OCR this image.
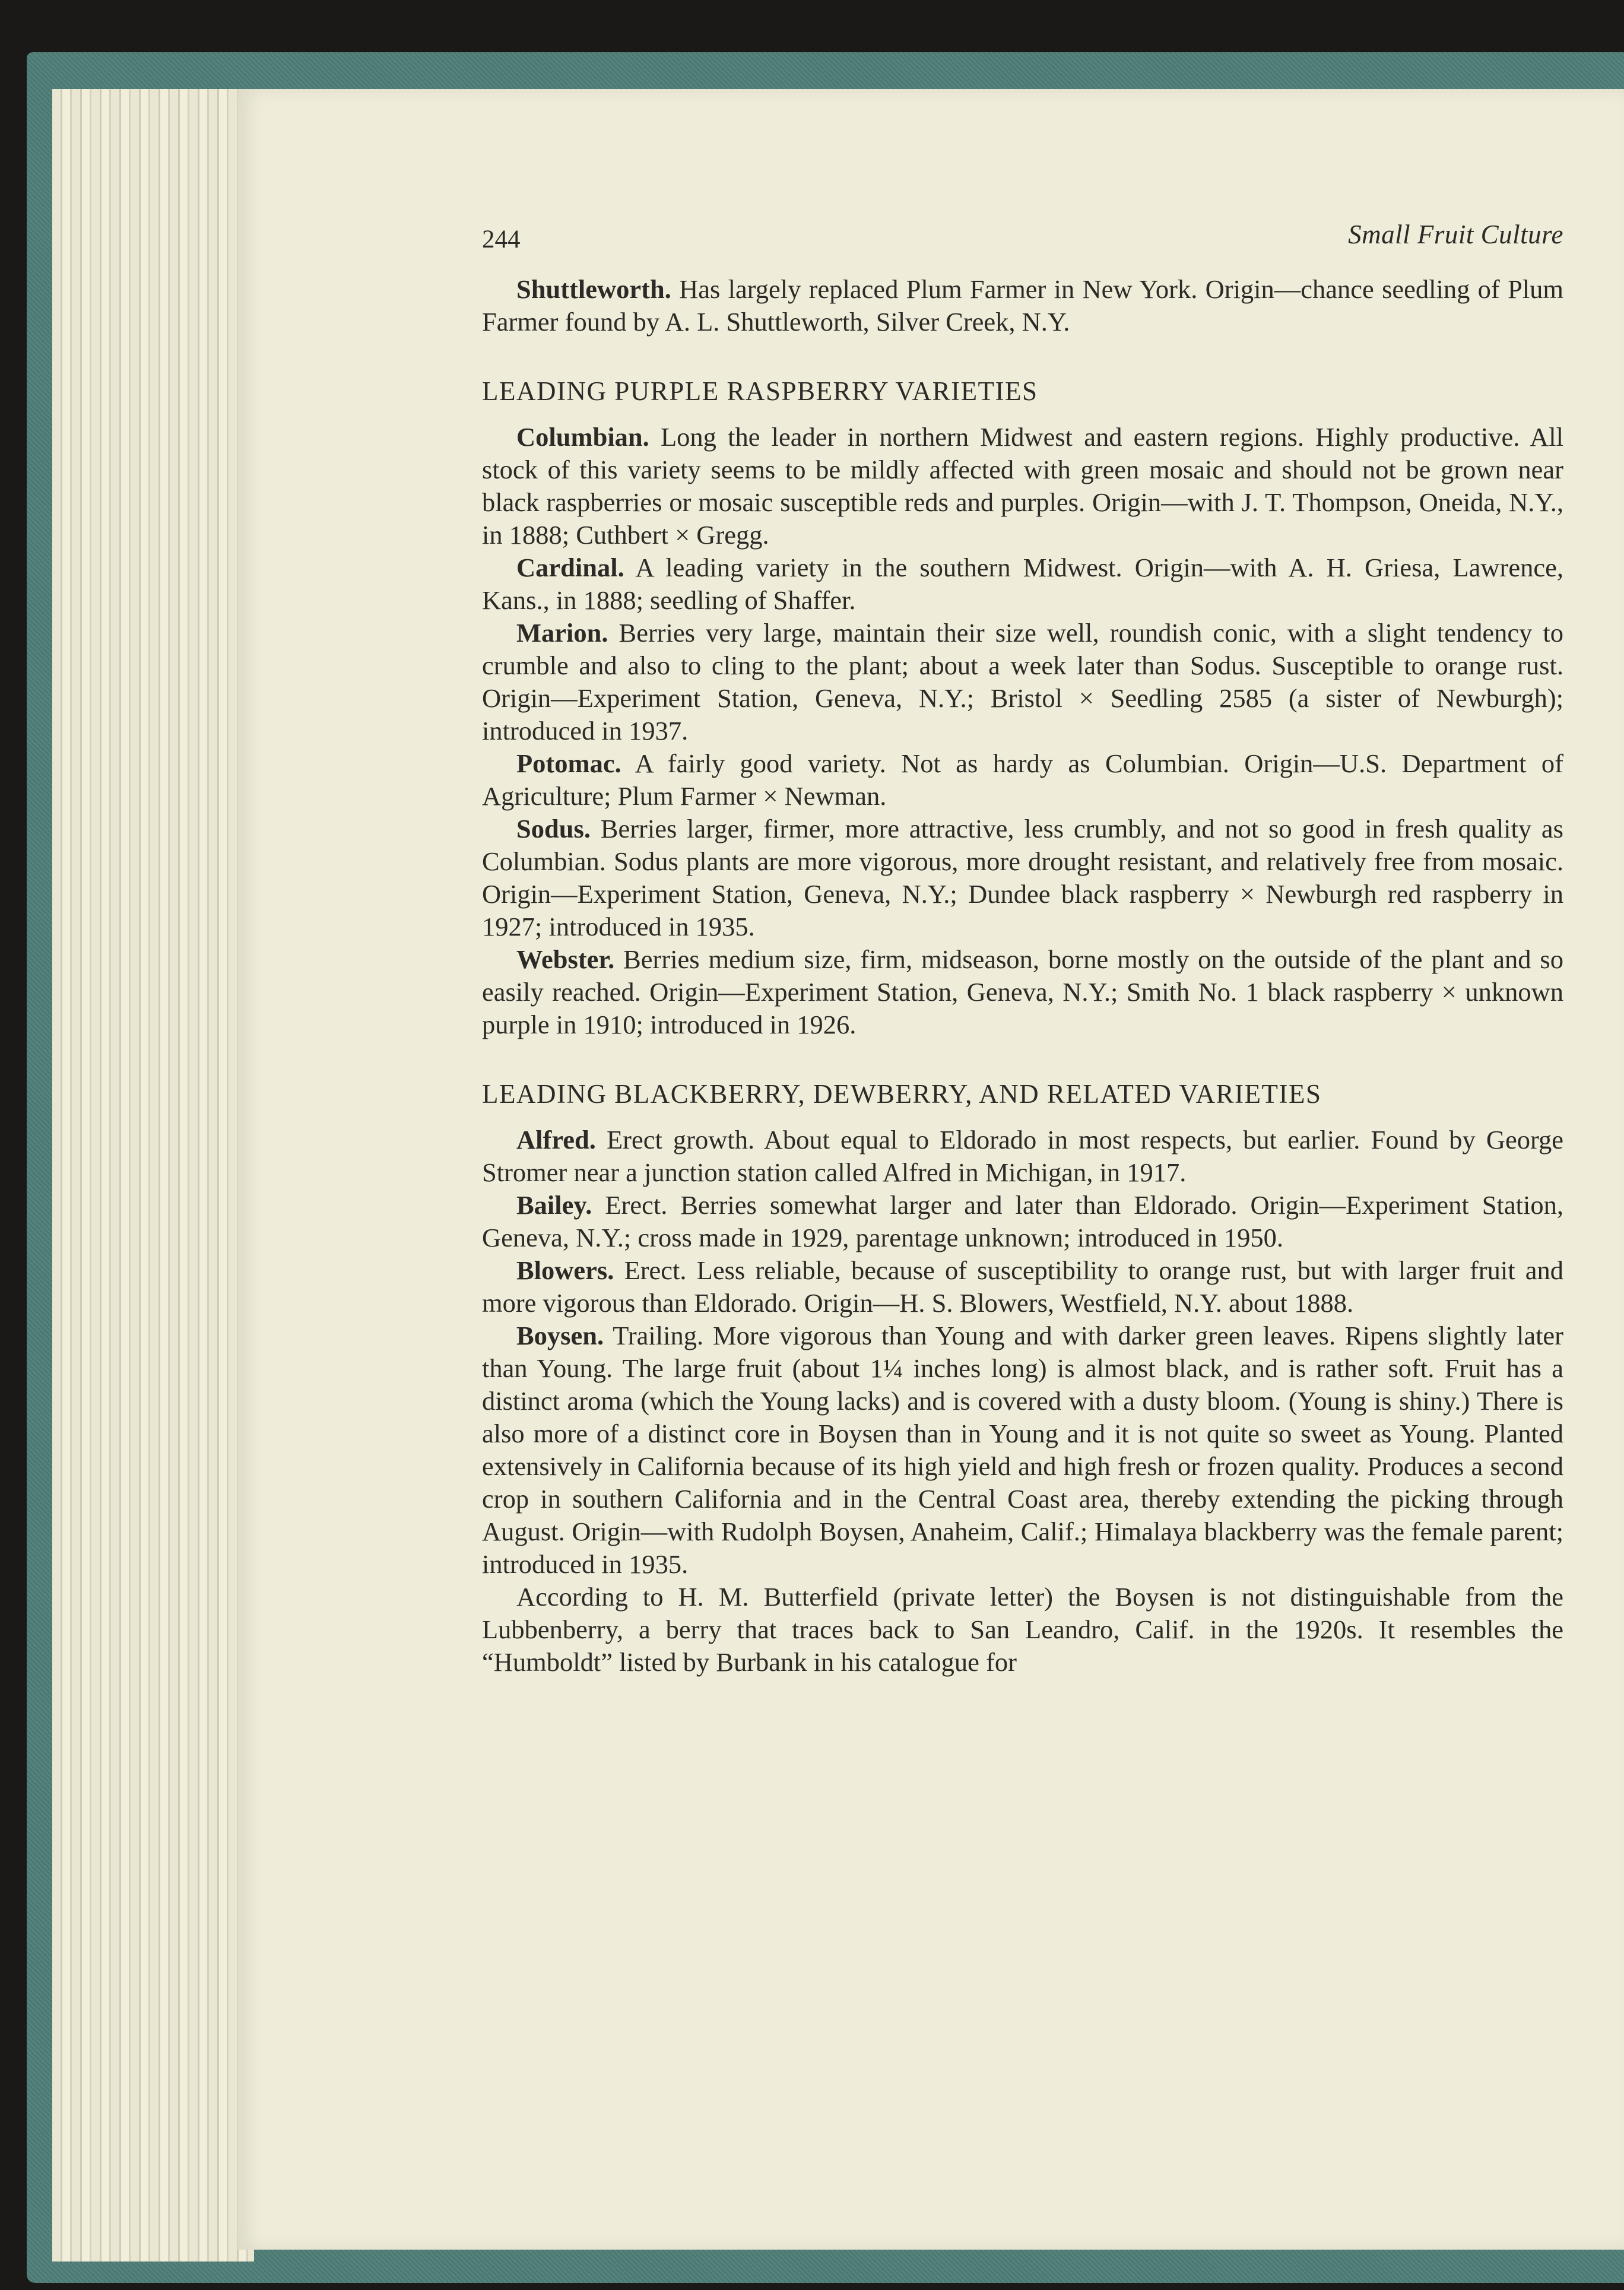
244	Small Fruit Culture

Shuttleworth. Has largely replaced Plum Farmer in New York. Origin—chance seedling of Plum Farmer found by A. L. Shuttleworth, Silver Creek, N.Y.

LEADING PURPLE RASPBERRY VARIETIES

Columbian. Long the leader in northern Midwest and eastern regions. Highly productive. All stock of this variety seems to be mildly affected with green mosaic and should not be grown near black raspberries or mosaic susceptible reds and purples. Origin—with J. T. Thompson, Oneida, N.Y., in 1888; Cuthbert × Gregg.

Cardinal. A leading variety in the southern Midwest. Origin—with A. H. Griesa, Lawrence, Kans., in 1888; seedling of Shaffer.

Marion. Berries very large, maintain their size well, roundish conic, with a slight tendency to crumble and also to cling to the plant; about a week later than Sodus. Susceptible to orange rust. Origin—Experiment Station, Geneva, N.Y.; Bristol × Seedling 2585 (a sister of Newburgh); introduced in 1937.

Potomac. A fairly good variety. Not as hardy as Columbian. Origin—U.S. Department of Agriculture; Plum Farmer × Newman.

Sodus. Berries larger, firmer, more attractive, less crumbly, and not so good in fresh quality as Columbian. Sodus plants are more vigorous, more drought resistant, and relatively free from mosaic. Origin—Experiment Station, Geneva, N.Y.; Dundee black raspberry × Newburgh red raspberry in 1927; introduced in 1935.

Webster. Berries medium size, firm, midseason, borne mostly on the outside of the plant and so easily reached. Origin—Experiment Station, Geneva, N.Y.; Smith No. 1 black raspberry × unknown purple in 1910; introduced in 1926.

LEADING BLACKBERRY, DEWBERRY, AND RELATED VARIETIES

Alfred. Erect growth. About equal to Eldorado in most respects, but earlier. Found by George Stromer near a junction station called Alfred in Michigan, in 1917.

Bailey. Erect. Berries somewhat larger and later than Eldorado. Origin—Experiment Station, Geneva, N.Y.; cross made in 1929, parentage unknown; introduced in 1950.

Blowers. Erect. Less reliable, because of susceptibility to orange rust, but with larger fruit and more vigorous than Eldorado. Origin—H. S. Blowers, Westfield, N.Y. about 1888.

Boysen. Trailing. More vigorous than Young and with darker green leaves. Ripens slightly later than Young. The large fruit (about 1¼ inches long) is almost black, and is rather soft. Fruit has a distinct aroma (which the Young lacks) and is covered with a dusty bloom. (Young is shiny.) There is also more of a distinct core in Boysen than in Young and it is not quite so sweet as Young. Planted extensively in California because of its high yield and high fresh or frozen quality. Produces a second crop in southern California and in the Central Coast area, thereby extending the picking through August. Origin—with Rudolph Boysen, Anaheim, Calif.; Himalaya blackberry was the female parent; introduced in 1935.

According to H. M. Butterfield (private letter) the Boysen is not distinguishable from the Lubbenberry, a berry that traces back to San Leandro, Calif. in the 1920s. It resembles the “Humboldt” listed by Burbank in his catalogue for
